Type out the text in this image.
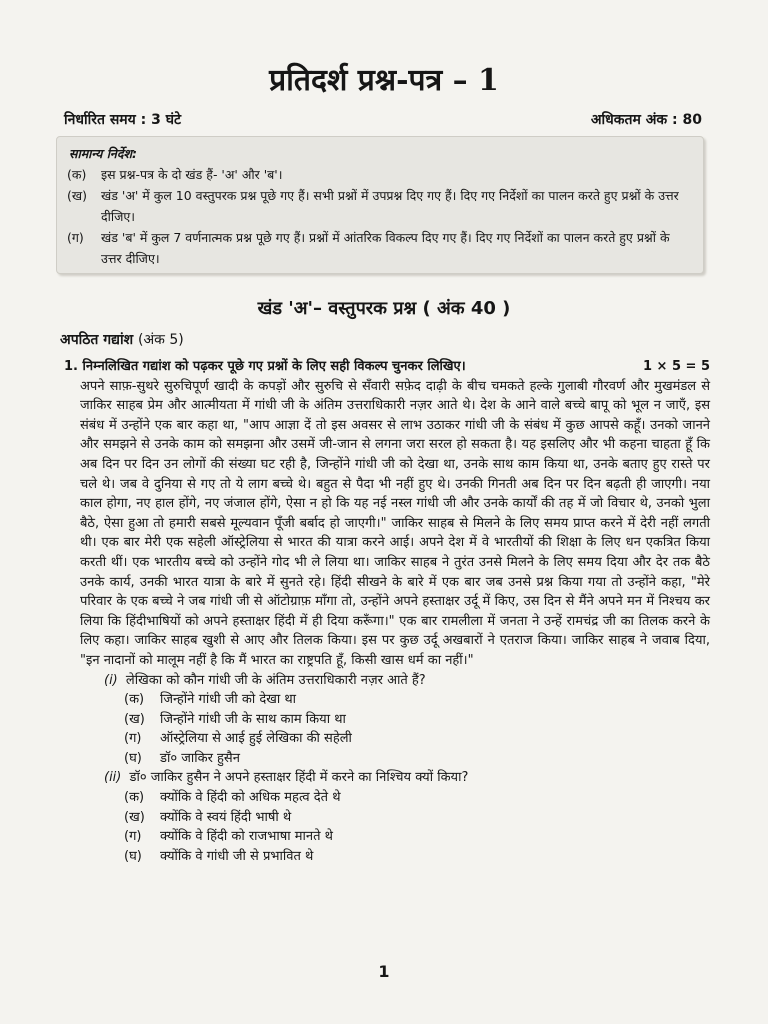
प्रतिदर्श प्रश्न-पत्र – 1
निर्धारित समय : 3 घंटे	अधिकतम अंक : 80
सामान्य निर्देश:
(क)	इस प्रश्न-पत्र के दो खंड हैं- 'अ' और 'ब'।
(ख)	खंड 'अ' में कुल 10 वस्तुपरक प्रश्न पूछे गए हैं। सभी प्रश्नों में उपप्रश्न दिए गए हैं। दिए गए निर्देशों का पालन करते हुए प्रश्नों के उत्तर दीजिए।
(ग)	खंड 'ब' में कुल 7 वर्णनात्मक प्रश्न पूछे गए हैं। प्रश्नों में आंतरिक विकल्प दिए गए हैं। दिए गए निर्देशों का पालन करते हुए प्रश्नों के उत्तर दीजिए।
खंड 'अ'– वस्तुपरक प्रश्न ( अंक 40 )
अपठित गद्यांश (अंक 5)
1. निम्नलिखित गद्यांश को पढ़कर पूछे गए प्रश्नों के लिए सही विकल्प चुनकर लिखिए।	1 × 5 = 5
अपने साफ़-सुथरे सुरुचिपूर्ण खादी के कपड़ों और सुरुचि से सँवारी सफ़ेद दाढ़ी के बीच चमकते हल्के गुलाबी गौरवर्ण और मुखमंडल से जाकिर साहब प्रेम और आत्मीयता में गांधी जी के अंतिम उत्तराधिकारी नज़र आते थे। देश के आने वाले बच्चे बापू को भूल न जाएँ, इस संबंध में उन्होंने एक बार कहा था, "आप आज्ञा दें तो इस अवसर से लाभ उठाकर गांधी जी के संबंध में कुछ आपसे कहूँ। उनको जानने और समझने से उनके काम को समझना और उसमें जी-जान से लगना जरा सरल हो सकता है। यह इसलिए और भी कहना चाहता हूँ कि अब दिन पर दिन उन लोगों की संख्या घट रही है, जिन्होंने गांधी जी को देखा था, उनके साथ काम किया था, उनके बताए हुए रास्ते पर चले थे। जब वे दुनिया से गए तो ये लाग बच्चे थे। बहुत से पैदा भी नहीं हुए थे। उनकी गिनती अब दिन पर दिन बढ़ती ही जाएगी। नया काल होगा, नए हाल होंगे, नए जंजाल होंगे, ऐसा न हो कि यह नई नस्ल गांधी जी और उनके कार्यों की तह में जो विचार थे, उनको भुला बैठे, ऐसा हुआ तो हमारी सबसे मूल्यवान पूँजी बर्बाद हो जाएगी।" जाकिर साहब से मिलने के लिए समय प्राप्त करने में देरी नहीं लगती थी। एक बार मेरी एक सहेली ऑस्ट्रेलिया से भारत की यात्रा करने आई। अपने देश में वे भारतीयों की शिक्षा के लिए धन एकत्रित किया करती थीं। एक भारतीय बच्चे को उन्होंने गोद भी ले लिया था। जाकिर साहब ने तुरंत उनसे मिलने के लिए समय दिया और देर तक बैठे उनके कार्य, उनकी भारत यात्रा के बारे में सुनते रहे। हिंदी सीखने के बारे में एक बार जब उनसे प्रश्न किया गया तो उन्होंने कहा, "मेरे परिवार के एक बच्चे ने जब गांधी जी से ऑटोग्राफ़ माँगा तो, उन्होंने अपने हस्ताक्षर उर्दू में किए, उस दिन से मैंने अपने मन में निश्चय कर लिया कि हिंदीभाषियों को अपने हस्ताक्षर हिंदी में ही दिया करूँगा।" एक बार रामलीला में जनता ने उन्हें रामचंद्र जी का तिलक करने के लिए कहा। जाकिर साहब खुशी से आए और तिलक किया। इस पर कुछ उर्दू अखबारों ने एतराज किया। जाकिर साहब ने जवाब दिया, "इन नादानों को मालूम नहीं है कि मैं भारत का राष्ट्रपति हूँ, किसी खास धर्म का नहीं।"
(i) लेखिका को कौन गांधी जी के अंतिम उत्तराधिकारी नज़र आते हैं?
(क)	जिन्होंने गांधी जी को देखा था
(ख)	जिन्होंने गांधी जी के साथ काम किया था
(ग)	ऑस्ट्रेलिया से आई हुई लेखिका की सहेली
(घ)	डॉ० जाकिर हुसैन
(ii) डॉ० जाकिर हुसैन ने अपने हस्ताक्षर हिंदी में करने का निश्चिय क्यों किया?
(क)	क्योंकि वे हिंदी को अधिक महत्व देते थे
(ख)	क्योंकि वे स्वयं हिंदी भाषी थे
(ग)	क्योंकि वे हिंदी को राजभाषा मानते थे
(घ)	क्योंकि वे गांधी जी से प्रभावित थे
1
